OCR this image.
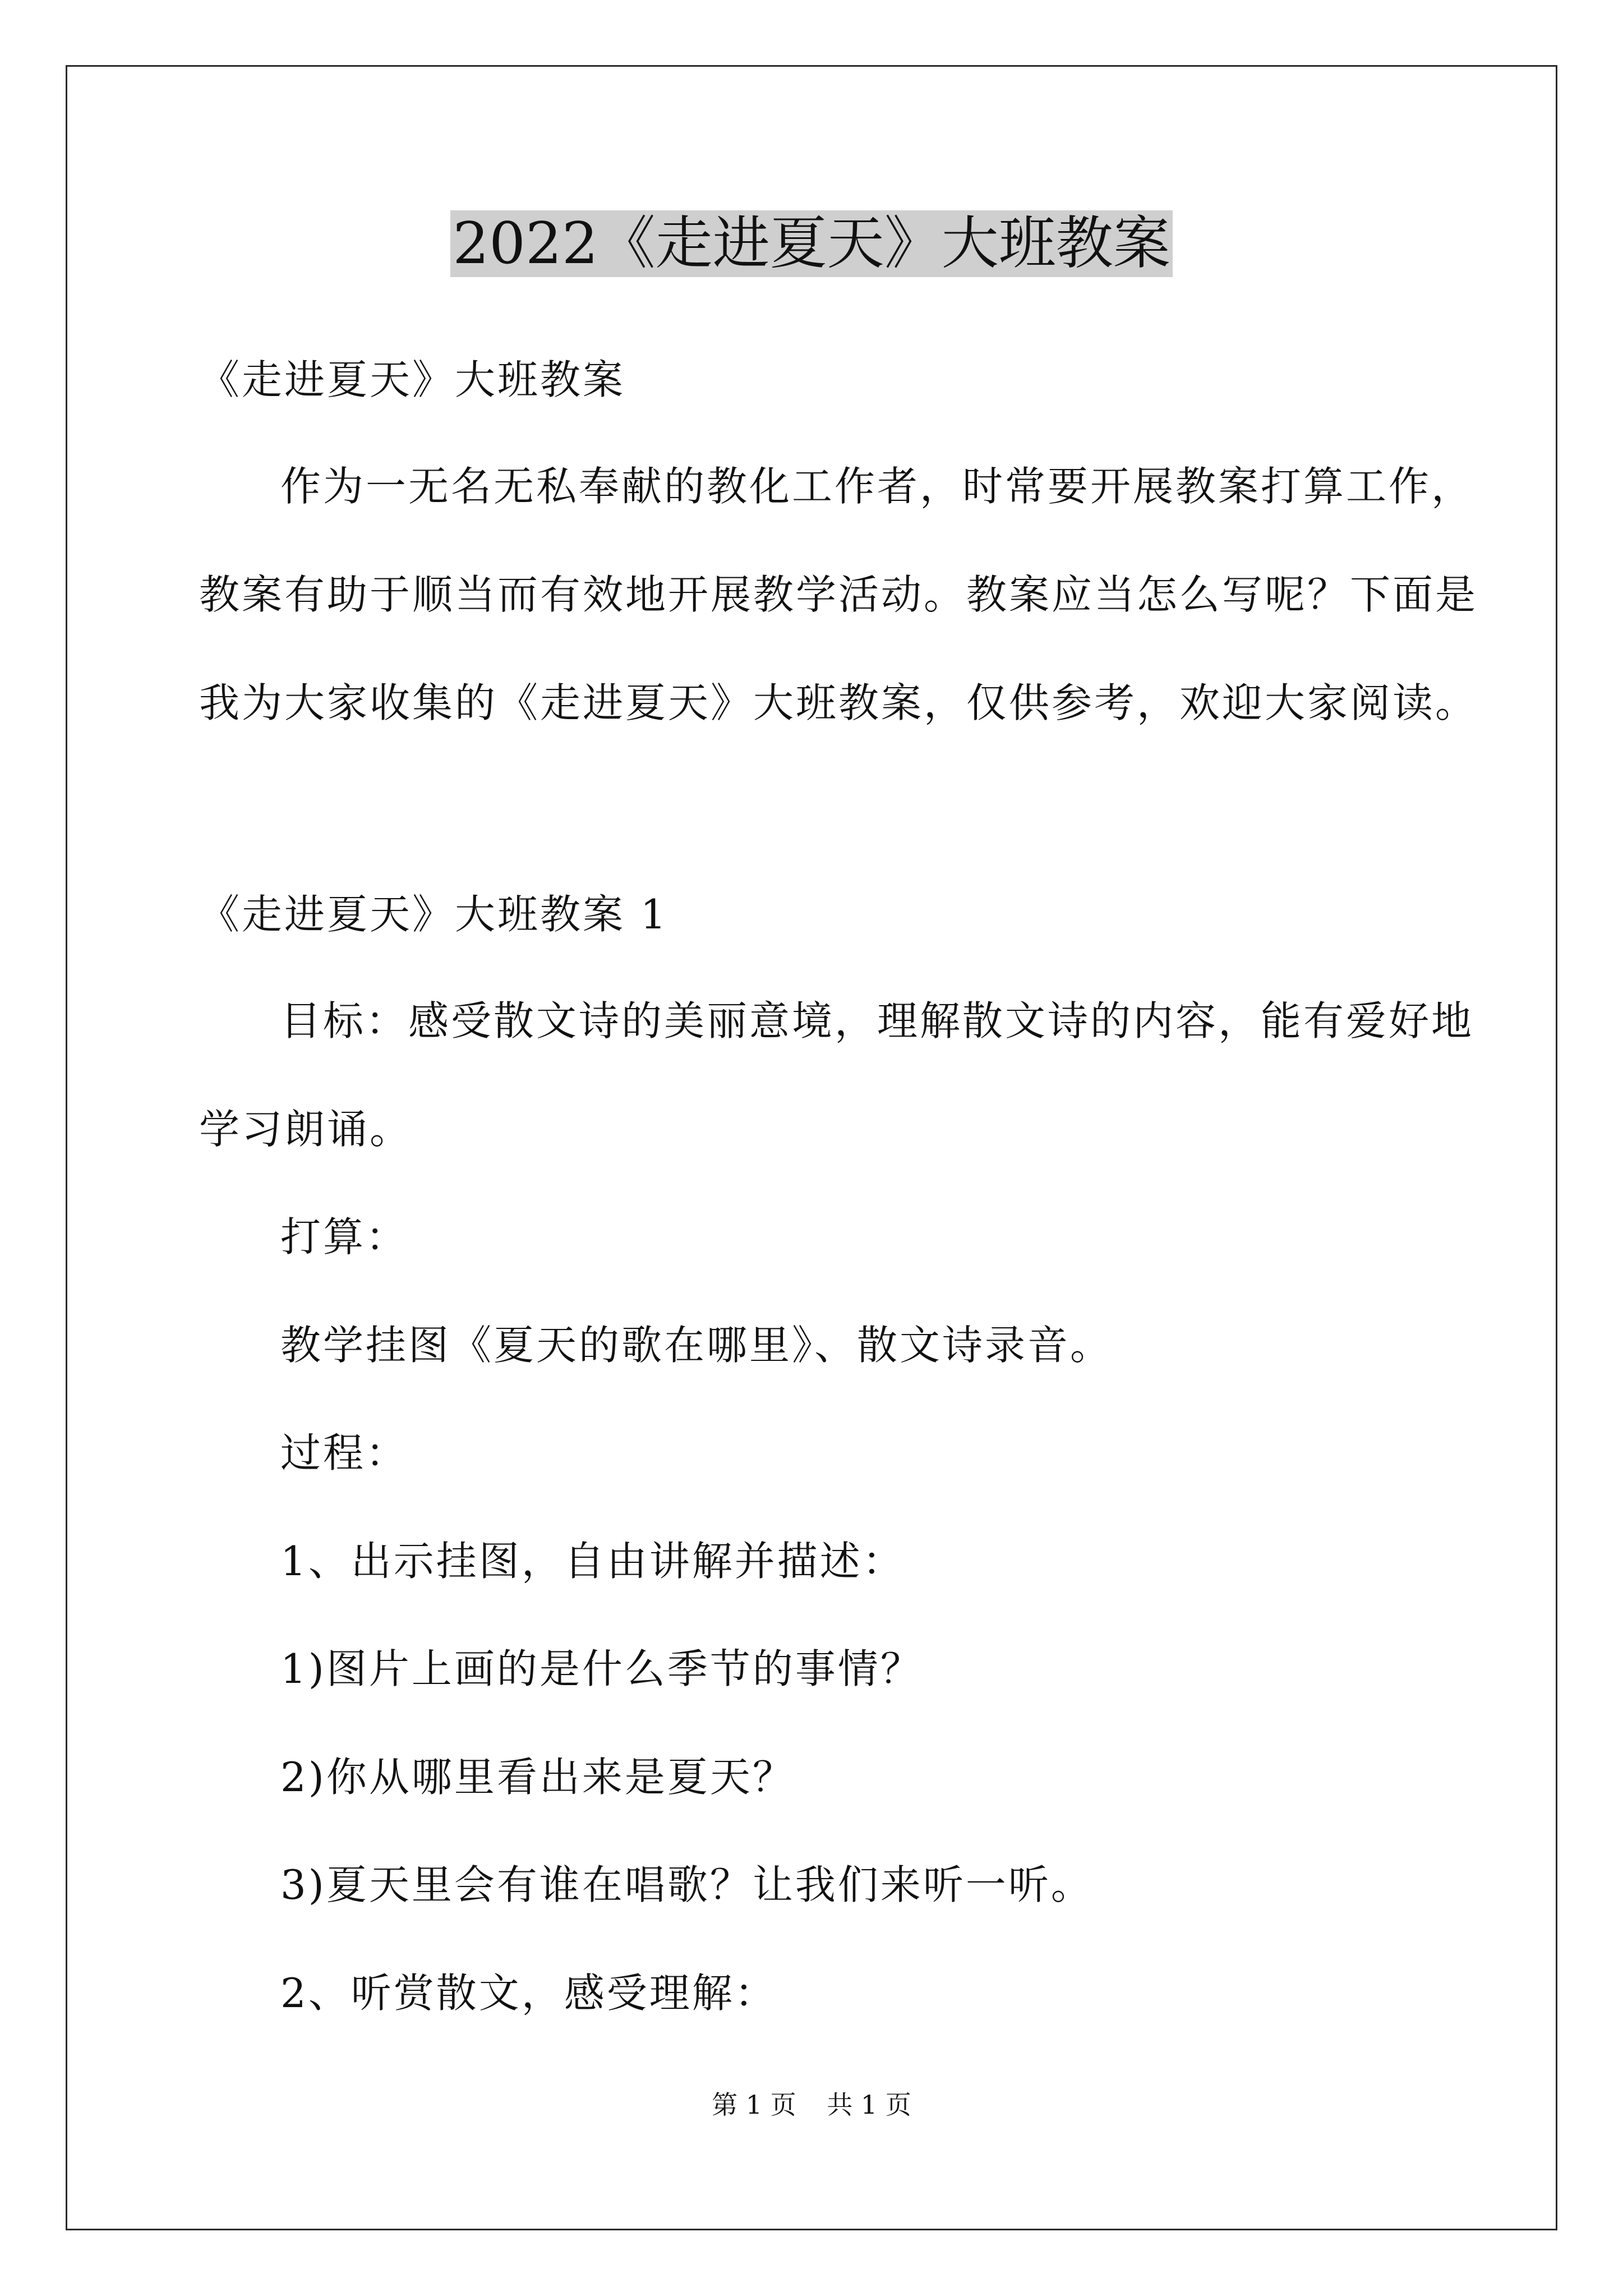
2022《走进夏天》大班教案
《走进夏天》大班教案
作为一无名无私奉献的教化工作者，时常要开展教案打算工作，
教案有助于顺当而有效地开展教学活动。教案应当怎么写呢？下面是
我为大家收集的《走进夏天》大班教案，仅供参考，欢迎大家阅读。
《走进夏天》大班教案 1
目标：感受散文诗的美丽意境，理解散文诗的内容，能有爱好地
学习朗诵。
打算：
教学挂图《夏天的歌在哪里》、散文诗录音。
过程：
1、出示挂图，自由讲解并描述：
1)图片上画的是什么季节的事情？
2)你从哪里看出来是夏天？
3)夏天里会有谁在唱歌？让我们来听一听。
2、听赏散文，感受理解：
第 1 页 共 1 页
